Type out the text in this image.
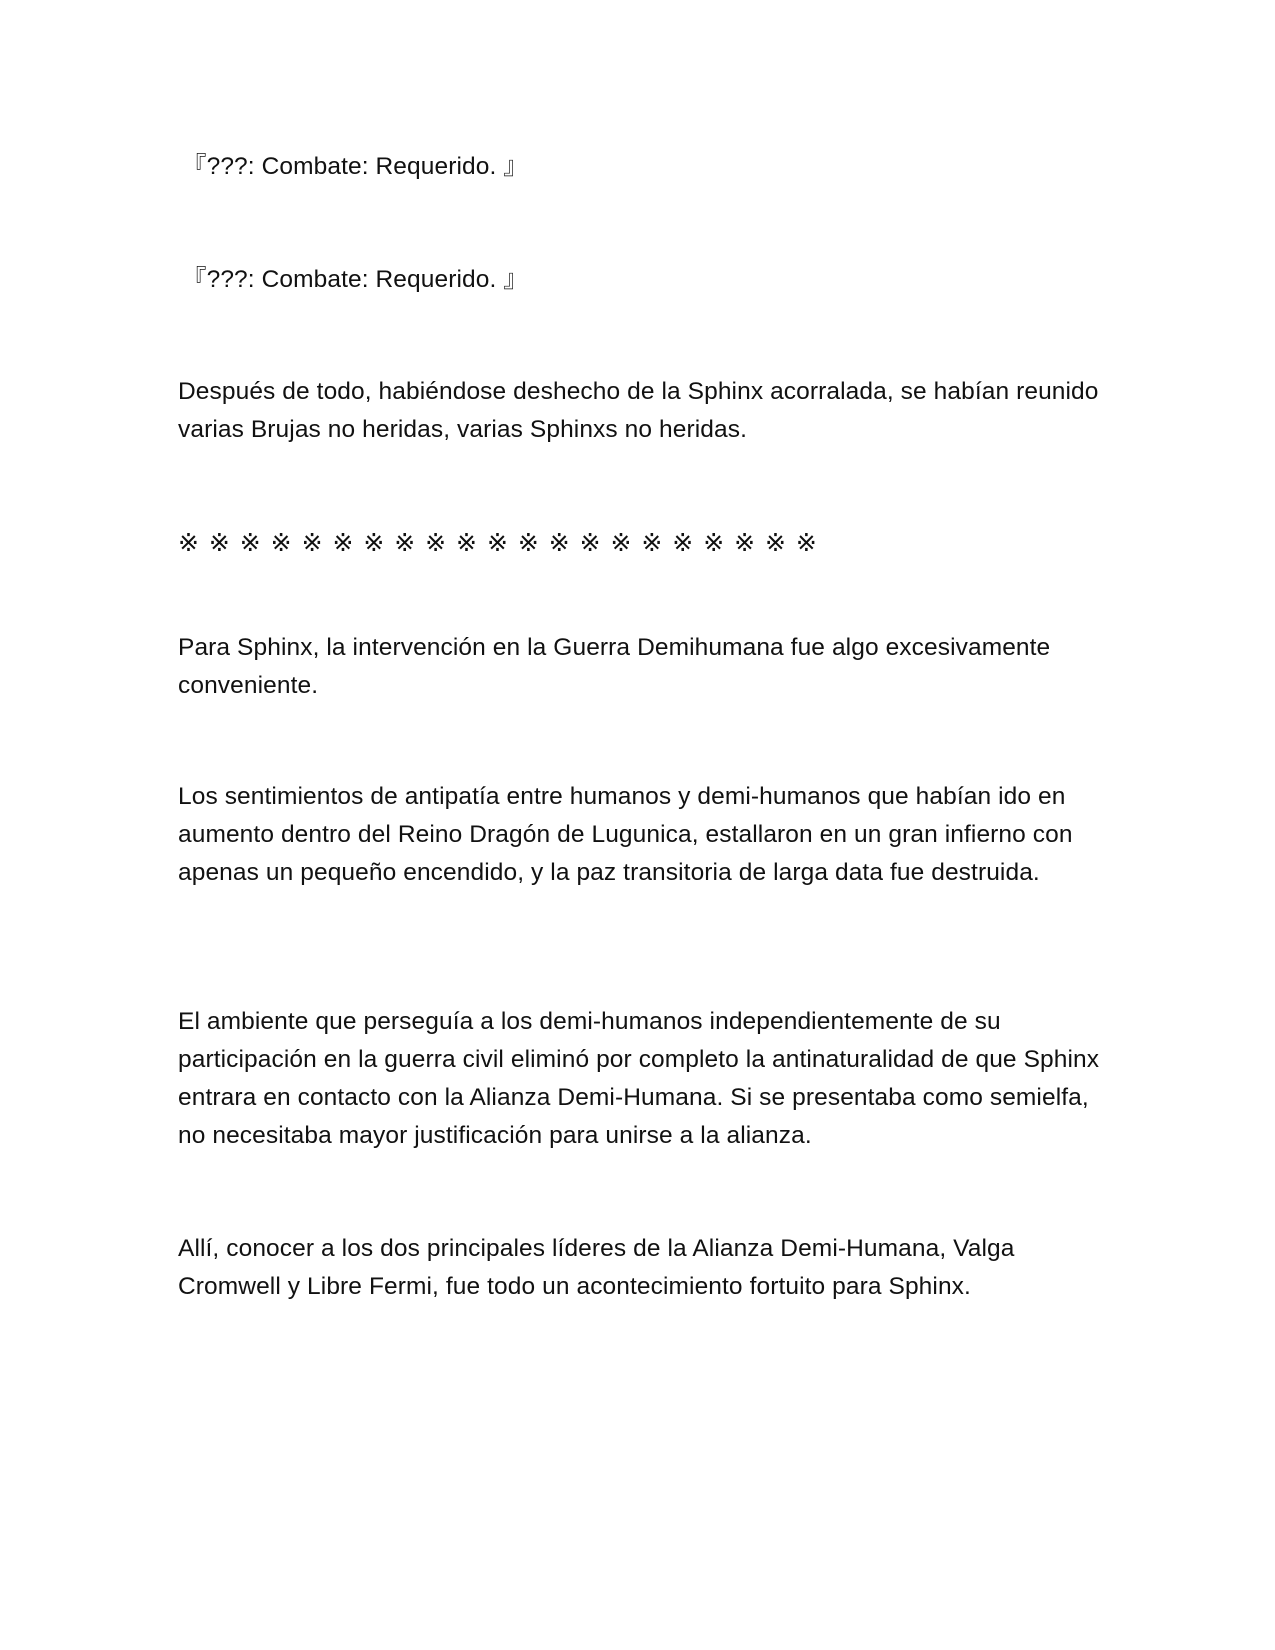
『???: Combate: Requerido. 』

『???: Combate: Requerido. 』

Después de todo, habiéndose deshecho de la Sphinx acorralada, se habían reunido varias Brujas no heridas, varias Sphinxs no heridas.

※ ※ ※ ※ ※ ※ ※ ※ ※ ※ ※ ※ ※ ※ ※ ※ ※ ※ ※ ※ ※

Para Sphinx, la intervención en la Guerra Demihumana fue algo excesivamente conveniente.

Los sentimientos de antipatía entre humanos y demi-humanos que habían ido en aumento dentro del Reino Dragón de Lugunica, estallaron en un gran infierno con apenas un pequeño encendido, y la paz transitoria de larga data fue destruida.

El ambiente que perseguía a los demi-humanos independientemente de su participación en la guerra civil eliminó por completo la antinaturalidad de que Sphinx entrara en contacto con la Alianza Demi-Humana. Si se presentaba como semielfa, no necesitaba mayor justificación para unirse a la alianza.

Allí, conocer a los dos principales líderes de la Alianza Demi-Humana, Valga Cromwell y Libre Fermi, fue todo un acontecimiento fortuito para Sphinx.
